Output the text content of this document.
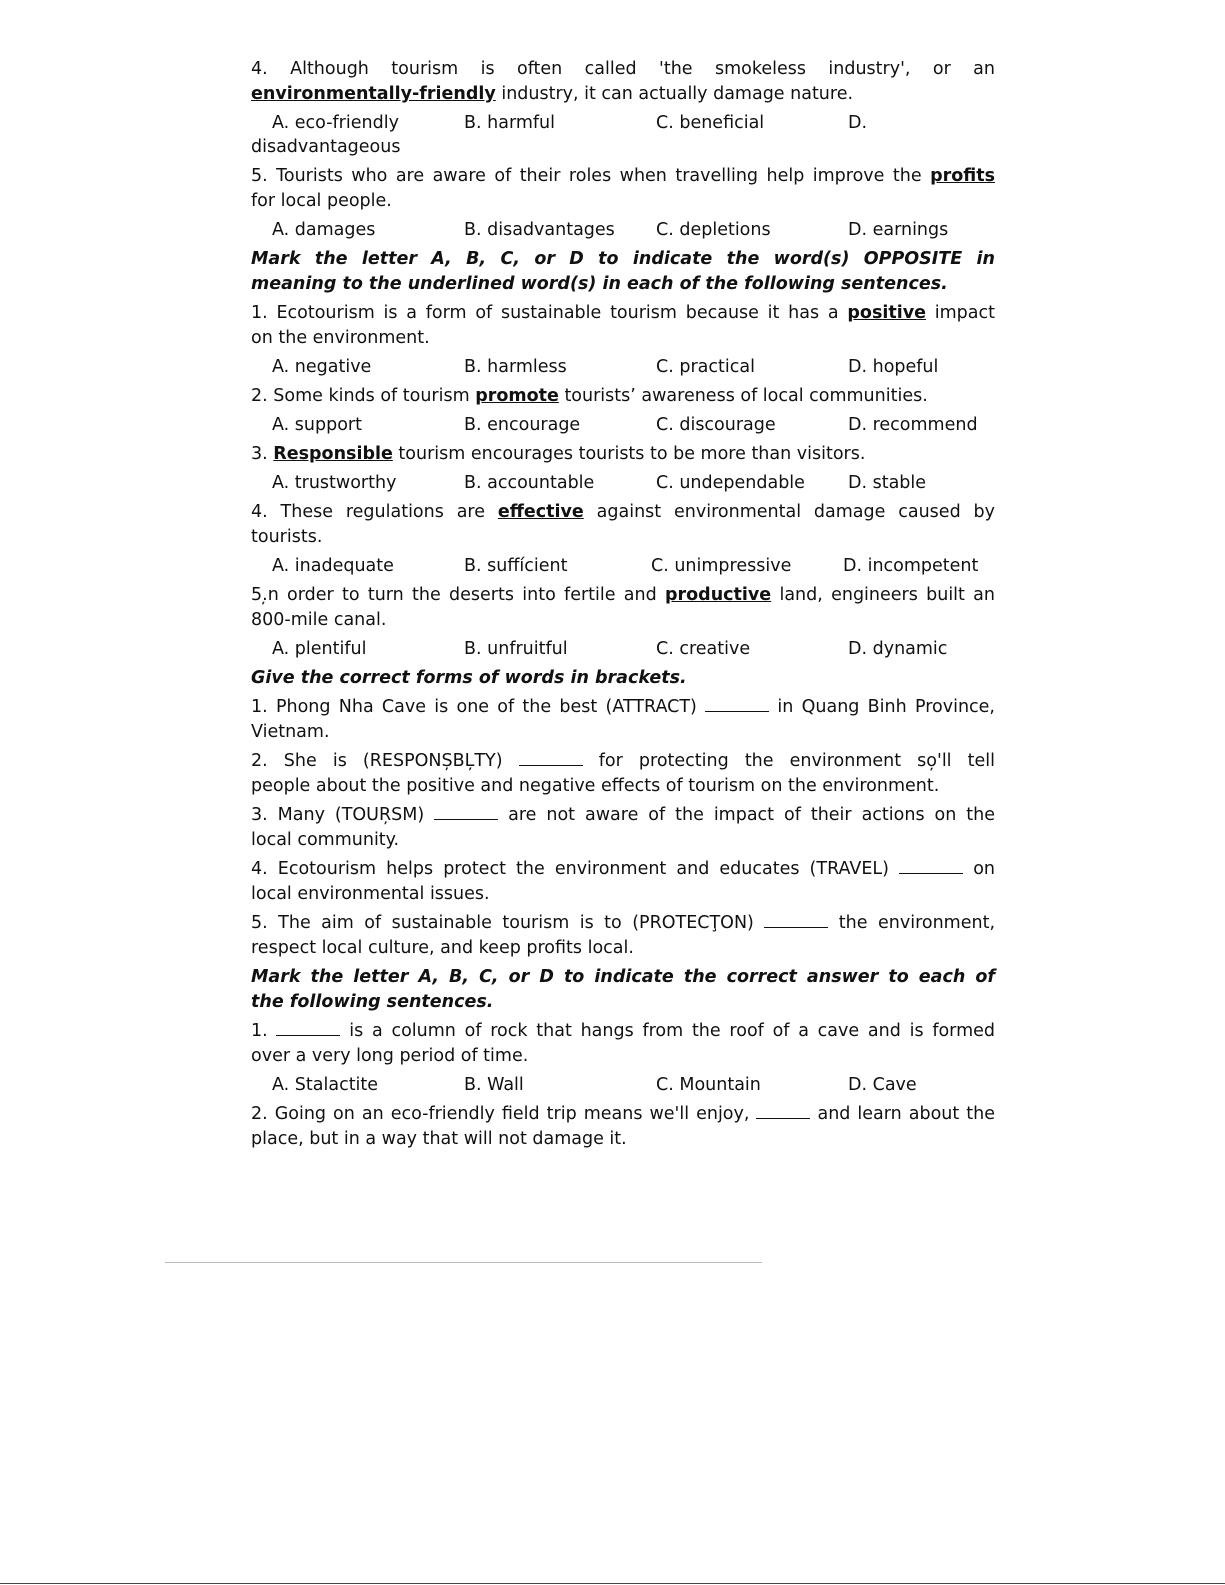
4. Although tourism is often called 'the smokeless industry', or an
environmentally-friendly industry, it can actually damage nature.
A. eco-friendly	B. harmful	C. beneficial	D.
disadvantageous
5. Tourists who are aware of their roles when travelling help improve the profits
for local people.
A. damages	B. disadvantages C. depletions	D. earnings
Mark the letter A, B, C, or D to indicate the word(s) OPPOSITE in
meaning to the underlined word(s) in each of the following sentences.
1. Ecotourism is a form of sustainable tourism because it has a positive impact
on the environment.
A. negative	B. harmless	C. practical	D. hopeful
2. Some kinds of tourism promote tourists’ awareness of local communities.
A. support	B. encourage	C. discourage	D. recommend
3. Responsible tourism encourages tourists to be more than visitors.
A. trustworthy	B. accountable	C. undependable D. stable
4. These regulations are effective against environmental damage caused by
tourists.
A. inadequate	B. suffícient	C. unimpressive	D. incompetent
5.̦n order to turn the deserts into fertile and productive land, engineers built an
800-mile canal.
A. plentiful	B. unfruitful	C. creative	D. dynamic
Give the correct forms of words in brackets.
1. Phong Nha Cave is one of the best (ATTRACT)	in Quang Binh Province,
Vietnam.
2. She is (RESPONȘBĻTY)	for protecting the environment so̦'ll tell
people about the positive and negative effects of tourism on the environment.
3. Many (TOUŖSM)	are not aware of the impact of their actions on the
local community.
4. Ecotourism helps protect the environment and educates (TRAVEL)	on
local environmental issues.
5. The aim of sustainable tourism is to (PROTECŢON)	the environment,
respect local culture, and keep profits local.
Mark the letter A, B, C, or D to indicate the correct answer to each of
the following sentences.
1.	is a column of rock that hangs from the roof of a cave and is formed
over a very long period of time.
A. Stalactite	B. Wall	C. Mountain	D. Cave
2. Going on an eco-friendly field trip means we'll enjoy,	and learn about the
place, but in a way that will not damage it.
